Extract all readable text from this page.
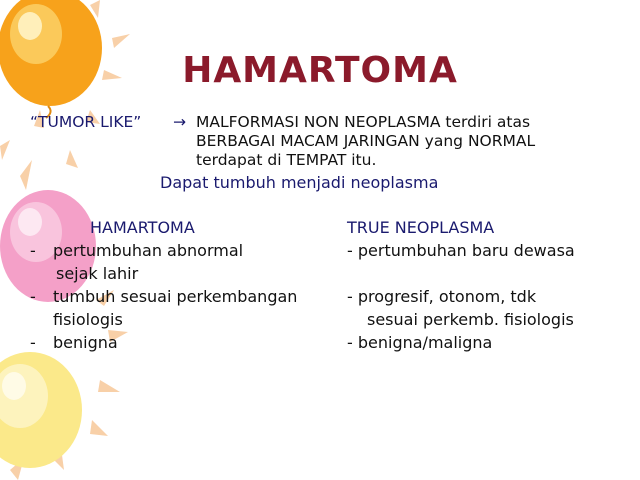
HAMARTOMA
“TUMOR LIKE” → MALFORMASI NON NEOPLASMA terdiri atas
BERBAGAI MACAM JARINGAN yang NORMAL
terdapat di TEMPAT itu.
Dapat tumbuh menjadi neoplasma
HAMARTOMA
- pertumbuhan abnormal
sejak lahir
- tumbuh sesuai perkembangan
fisiologis
- benigna
TRUE NEOPLASMA
- pertumbuhan baru dewasa

- progresif, otonom, tdk
sesuai perkemb. fisiologis
- benigna/maligna
